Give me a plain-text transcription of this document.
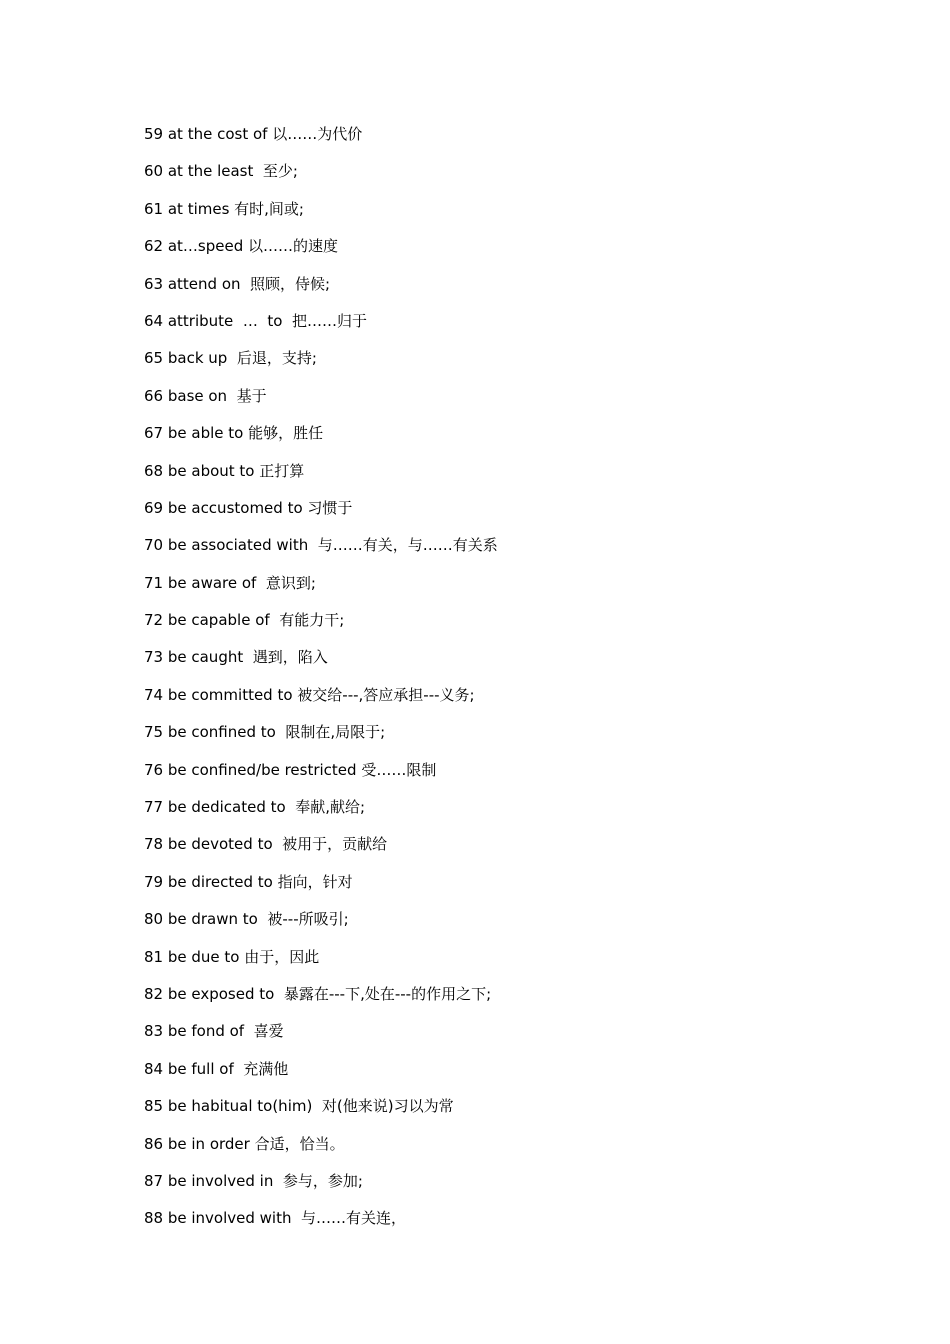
59 at the cost of 以……为代价
60 at the least  至少;
61 at times 有时,间或;
62 at…speed 以……的速度
63 attend on  照顾，侍候;
64 attribute  …  to  把……归于
65 back up  后退，支持;
66 base on  基于
67 be able to 能够，胜任
68 be about to 正打算
69 be accustomed to 习惯于
70 be associated with  与……有关，与……有关系
71 be aware of  意识到;
72 be capable of  有能力干;
73 be caught  遇到，陷入
74 be committed to 被交给---,答应承担---义务;
75 be confined to  限制在,局限于;
76 be confined/be restricted 受……限制
77 be dedicated to  奉献,献给;
78 be devoted to  被用于，贡献给
79 be directed to 指向，针对
80 be drawn to  被---所吸引;
81 be due to 由于，因此
82 be exposed to  暴露在---下,处在---的作用之下;
83 be fond of  喜爱
84 be full of  充满他
85 be habitual to(him)  对(他来说)习以为常
86 be in order 合适，恰当。
87 be involved in  参与，参加;
88 be involved with  与……有关连，
